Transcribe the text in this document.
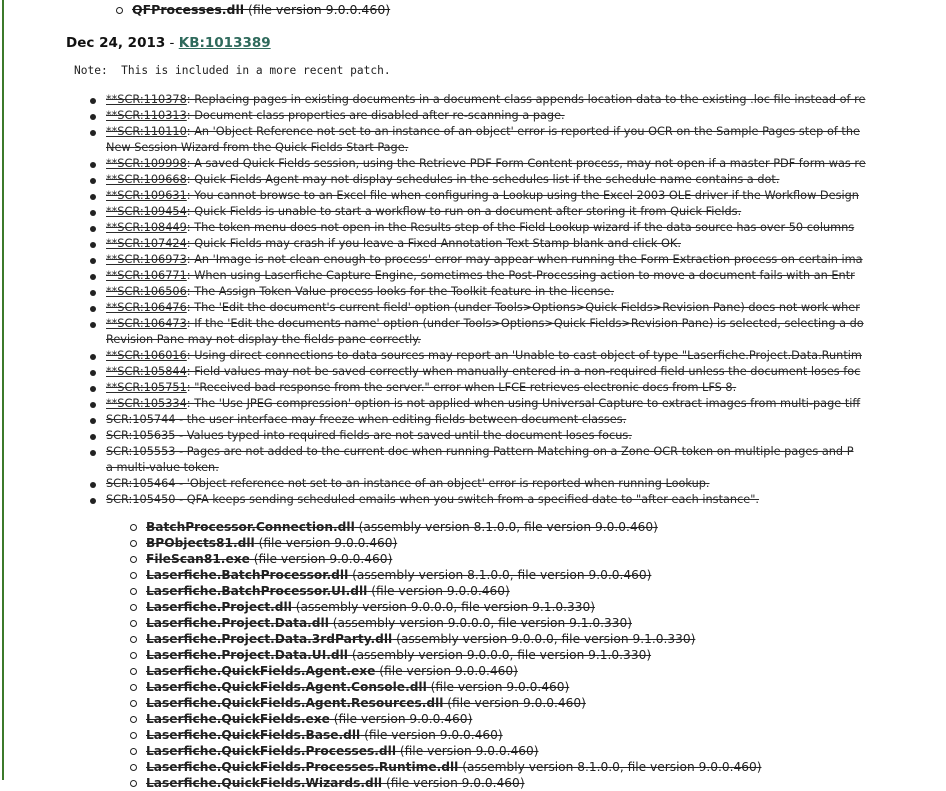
QFProcesses.dll (file version 9.0.0.460)
Dec 24, 2013 - KB:1013389
Note:  This is included in a more recent patch.
**SCR:110378: Replacing pages in existing documents in a document class appends location data to the existing .loc file instead of re
**SCR:110313: Document class properties are disabled after re-scanning a page.
**SCR:110110: An 'Object Reference not set to an instance of an object' error is reported if you OCR on the Sample Pages step of the
New Session Wizard from the Quick Fields Start Page.
**SCR:109998: A saved Quick Fields session, using the Retrieve PDF Form Content process, may not open if a master PDF form was re
**SCR:109668: Quick Fields Agent may not display schedules in the schedules list if the schedule name contains a dot.
**SCR:109631: You cannot browse to an Excel file when configuring a Lookup using the Excel 2003 OLE driver if the Workflow Design
**SCR:109454: Quick Fields is unable to start a workflow to run on a document after storing it from Quick Fields.
**SCR:108449: The token menu does not open in the Results step of the Field Lookup wizard if the data source has over 50 columns
**SCR:107424: Quick Fields may crash if you leave a Fixed Annotation Text Stamp blank and click OK.
**SCR:106973: An 'Image is not clean enough to process' error may appear when running the Form Extraction process on certain ima
**SCR:106771: When using Laserfiche Capture Engine, sometimes the Post-Processing action to move a document fails with an Entr
**SCR:106506: The Assign Token Value process looks for the Toolkit feature in the license.
**SCR:106476: The 'Edit the document's current field' option (under Tools>Options>Quick Fields>Revision Pane) does not work wher
**SCR:106473: If the 'Edit the documents name' option (under Tools>Options>Quick Fields>Revision Pane) is selected, selecting a do
Revision Pane may not display the fields pane correctly.
**SCR:106016: Using direct connections to data sources may report an 'Unable to cast object of type "Laserfiche.Project.Data.Runtim
**SCR:105844: Field values may not be saved correctly when manually entered in a non-required field unless the document loses foc
**SCR:105751: "Received bad response from the server." error when LFCE retrieves electronic docs from LFS 8.
**SCR:105334: The 'Use JPEG compression' option is not applied when using Universal Capture to extract images from multi-page tiff
SCR:105744 - the user interface may freeze when editing fields between document classes.
SCR:105635 - Values typed into required fields are not saved until the document loses focus.
SCR:105553 - Pages are not added to the current doc when running Pattern Matching on a Zone OCR token on multiple pages and P
a multi-value token.
SCR:105464 - 'Object reference not set to an instance of an object' error is reported when running Lookup.
SCR:105450 - QFA keeps sending scheduled emails when you switch from a specified date to "after each instance".
BatchProcessor.Connection.dll (assembly version 8.1.0.0, file version 9.0.0.460)
BPObjects81.dll (file version 9.0.0.460)
FileScan81.exe (file version 9.0.0.460)
Laserfiche.BatchProcessor.dll (assembly version 8.1.0.0, file version 9.0.0.460)
Laserfiche.BatchProcessor.UI.dll (file version 9.0.0.460)
Laserfiche.Project.dll (assembly version 9.0.0.0, file version 9.1.0.330)
Laserfiche.Project.Data.dll (assembly version 9.0.0.0, file version 9.1.0.330)
Laserfiche.Project.Data.3rdParty.dll (assembly version 9.0.0.0, file version 9.1.0.330)
Laserfiche.Project.Data.UI.dll (assembly version 9.0.0.0, file version 9.1.0.330)
Laserfiche.QuickFields.Agent.exe (file version 9.0.0.460)
Laserfiche.QuickFields.Agent.Console.dll (file version 9.0.0.460)
Laserfiche.QuickFields.Agent.Resources.dll (file version 9.0.0.460)
Laserfiche.QuickFields.exe (file version 9.0.0.460)
Laserfiche.QuickFields.Base.dll (file version 9.0.0.460)
Laserfiche.QuickFields.Processes.dll (file version 9.0.0.460)
Laserfiche.QuickFields.Processes.Runtime.dll (assembly version 8.1.0.0, file version 9.0.0.460)
Laserfiche.QuickFields.Wizards.dll (file version 9.0.0.460)
